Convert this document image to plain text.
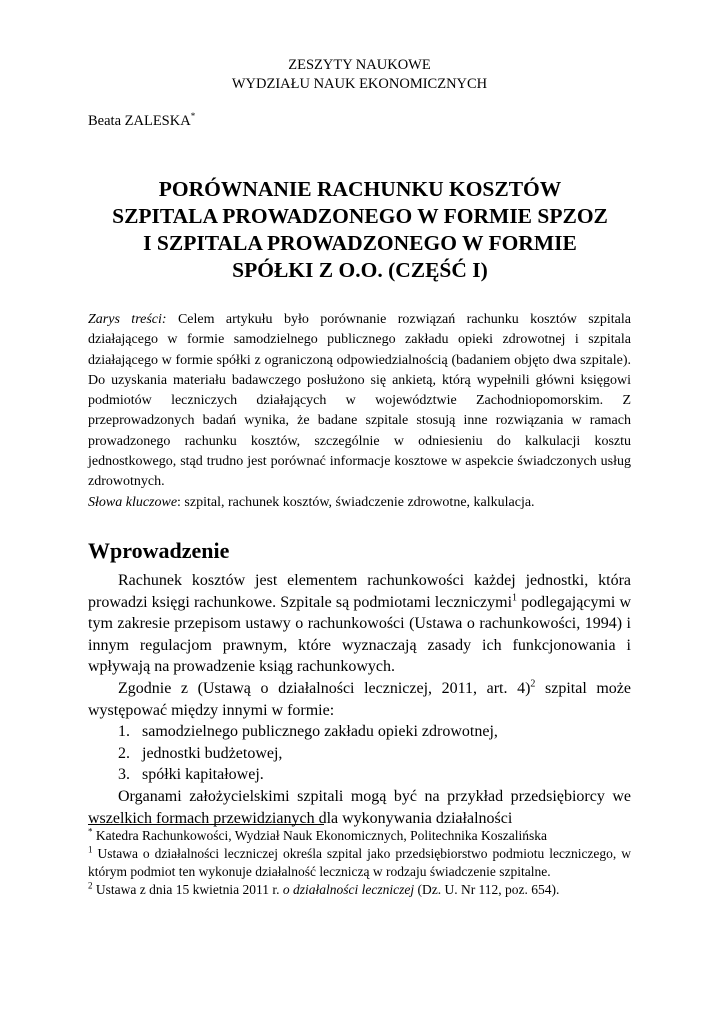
ZESZYTY NAUKOWE
WYDZIAŁU NAUK EKONOMICZNYCH
Beata ZALESKA*
PORÓWNANIE RACHUNKU KOSZTÓW
SZPITALA PROWADZONEGO W FORMIE SPZOZ
I SZPITALA PROWADZONEGO W FORMIE
SPÓŁKI Z O.O. (CZĘŚĆ I)
Zarys treści: Celem artykułu było porównanie rozwiązań rachunku kosztów szpitala działającego w formie samodzielnego publicznego zakładu opieki zdrowotnej i szpitala działającego w formie spółki z ograniczoną odpowiedzialnością (badaniem objęto dwa szpitale). Do uzyskania materiału badawczego posłużono się ankietą, którą wypełnili główni księgowi podmiotów leczniczych działających w województwie Zachodniopomorskim. Z przeprowadzonych badań wynika, że badane szpitale stosują inne rozwiązania w ramach prowadzonego rachunku kosztów, szczególnie w odniesieniu do kalkulacji kosztu jednostkowego, stąd trudno jest porównać informacje kosztowe w aspekcie świadczonych usług zdrowotnych.
Słowa kluczowe: szpital, rachunek kosztów, świadczenie zdrowotne, kalkulacja.
Wprowadzenie

Rachunek kosztów jest elementem rachunkowości każdej jednostki, która prowadzi księgi rachunkowe. Szpitale są podmiotami leczniczymi$^1$ podlegającymi w tym zakresie przepisom ustawy o rachunkowości (Ustawa o rachunkowości, 1994) i innym regulacjom prawnym, które wyznaczają zasady ich funkcjonowania i wpływają na prowadzenie ksiąg rachunkowych.

Zgodnie z (Ustawą o działalności leczniczej, 2011, art. 4)$^2$ szpital może występować między innymi w formie:

1. samodzielnego publicznego zakładu opieki zdrowotnej,
2. jednostki budżetowej,
3. spółki kapitałowej.

Organami założycielskimi szpitali mogą być na przykład przedsiębiorcy we wszelkich formach przewidzianych dla wykonywania działalności

* Katedra Rachunkowości, Wydział Nauk Ekonomicznych, Politechnika Koszalińska
$^1$ Ustawa o działalności leczniczej określa szpital jako przedsiębiorstwo podmiotu leczniczego, w którym podmiot ten wykonuje działalność leczniczą w rodzaju świadczenie szpitalne.
$^2$ Ustawa z dnia 15 kwietnia 2011 r. o działalności leczniczej (Dz. U. Nr 112, poz. 654).
